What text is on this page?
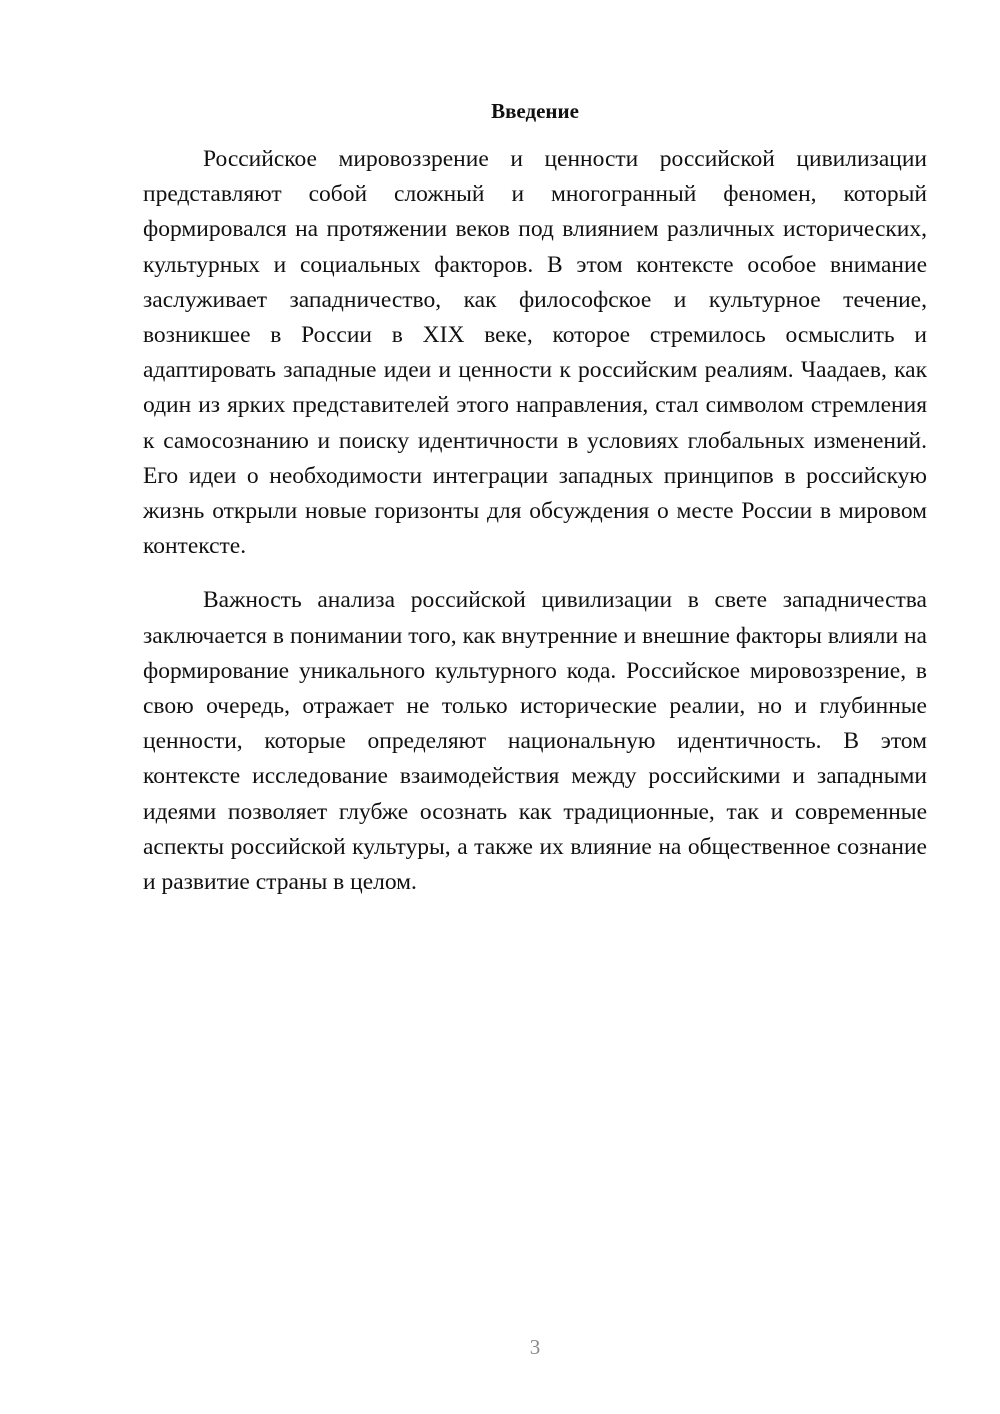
Введение

Российское мировоззрение и ценности российской цивилизации представляют собой сложный и многогранный феномен, который формировался на протяжении веков под влиянием различных исторических, культурных и социальных факторов. В этом контексте особое внимание заслуживает западничество, как философское и культурное течение, возникшее в России в XIX веке, которое стремилось осмыслить и адаптировать западные идеи и ценности к российским реалиям. Чаадаев, как один из ярких представителей этого направления, стал символом стремления к самосознанию и поиску идентичности в условиях глобальных изменений. Его идеи о необходимости интеграции западных принципов в российскую жизнь открыли новые горизонты для обсуждения о месте России в мировом контексте.

Важность анализа российской цивилизации в свете западничества заключается в понимании того, как внутренние и внешние факторы влияли на формирование уникального культурного кода. Российское мировоззрение, в свою очередь, отражает не только исторические реалии, но и глубинные ценности, которые определяют национальную идентичность. В этом контексте исследование взаимодействия между российскими и западными идеями позволяет глубже осознать как традиционные, так и современные аспекты российской культуры, а также их влияние на общественное сознание и развитие страны в целом.

3
